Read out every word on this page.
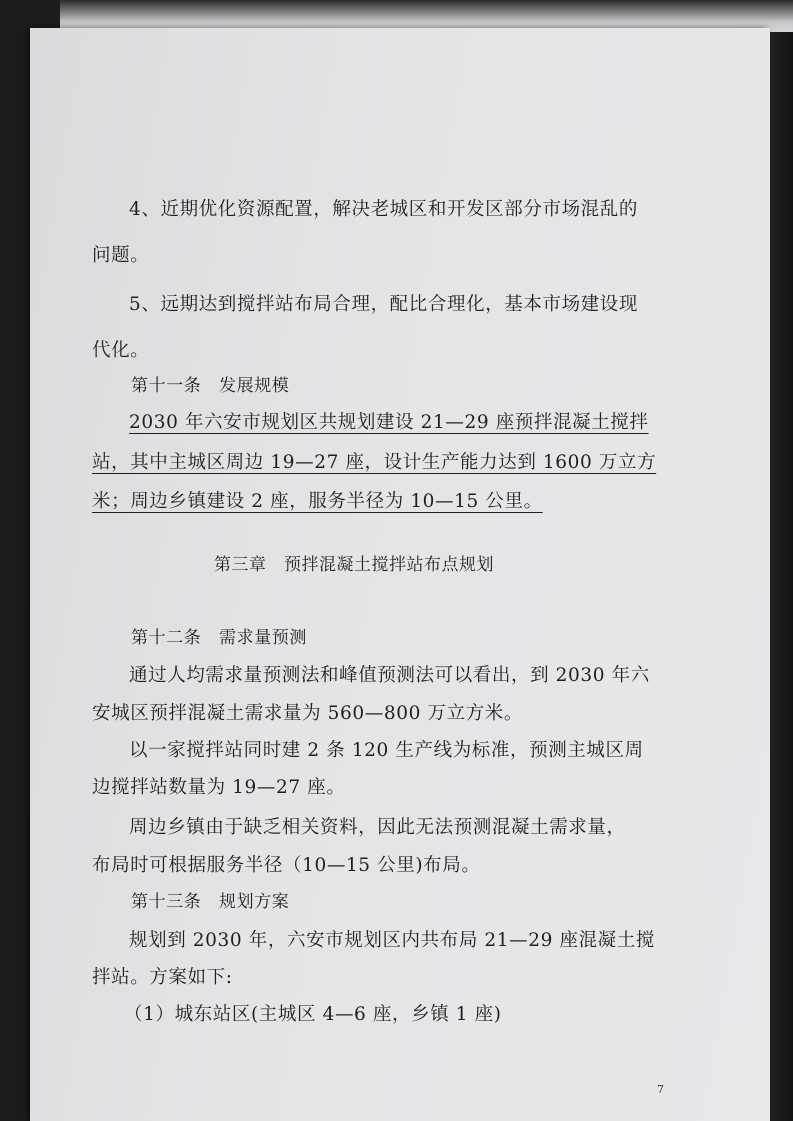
4、近期优化资源配置，解决老城区和开发区部分市场混乱的
问题。
5、远期达到搅拌站布局合理，配比合理化，基本市场建设现
代化。
第十一条　发展规模
2030 年六安市规划区共规划建设 21—29 座预拌混凝土搅拌
站，其中主城区周边 19—27 座，设计生产能力达到 1600 万立方
米；周边乡镇建设 2 座，服务半径为 10—15 公里。
第三章　预拌混凝土搅拌站布点规划
第十二条　需求量预测
通过人均需求量预测法和峰值预测法可以看出，到 2030 年六
安城区预拌混凝土需求量为 560—800 万立方米。
以一家搅拌站同时建 2 条 120 生产线为标准，预测主城区周
边搅拌站数量为 19—27 座。
周边乡镇由于缺乏相关资料，因此无法预测混凝土需求量，
布局时可根据服务半径（10—15 公里)布局。
第十三条　规划方案
规划到 2030 年，六安市规划区内共布局 21—29 座混凝土搅
拌站。方案如下:
（1）城东站区(主城区 4—6 座，乡镇 1 座)
7
